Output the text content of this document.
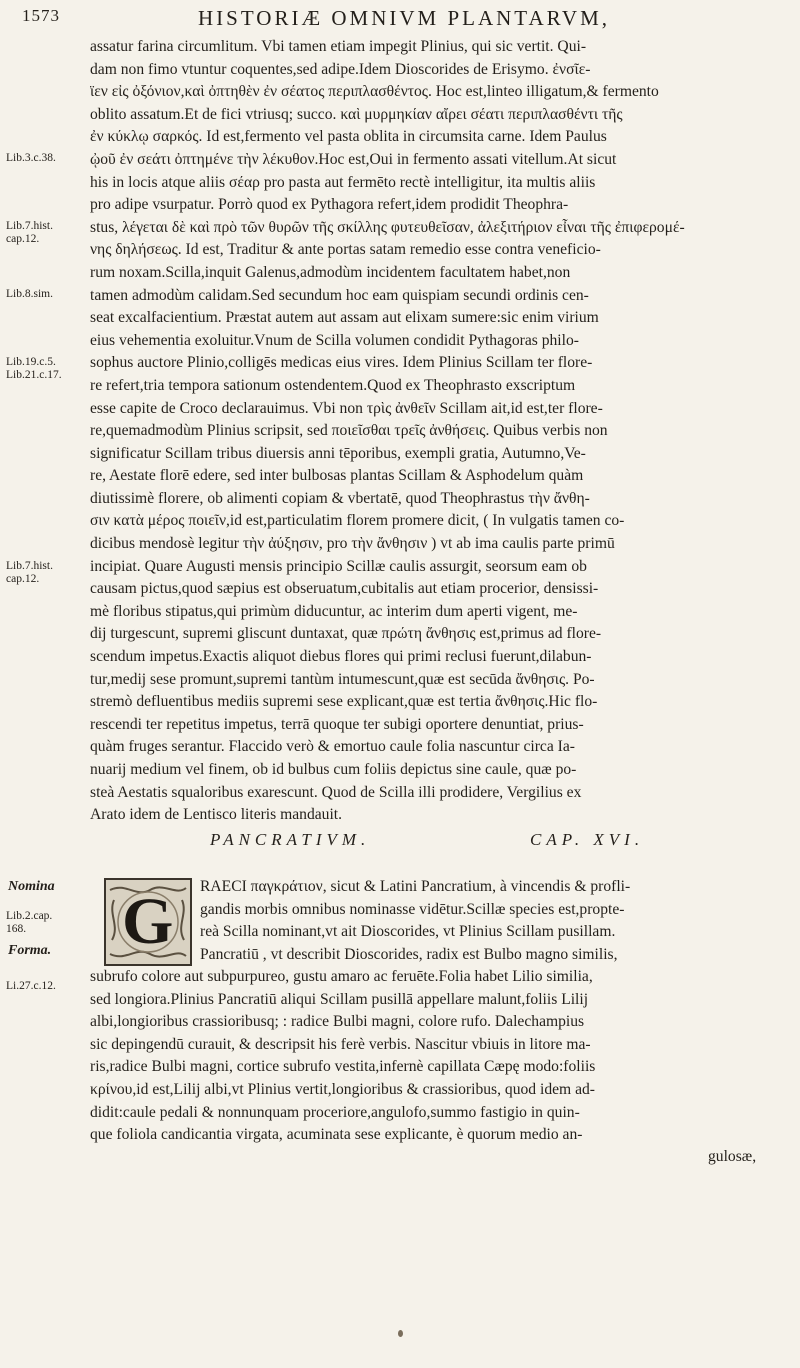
1573	HISTORIÆ OMNIVM PLANTARVM,
Lib.3.c.38.
Lib.7.hist.
cap.12.
Lib.8.sim.
Lib.19.c.5.
Lib.21.c.17.
Lib.7.hist.
cap.12.
Nomina
Lib.2.cap.
168.
Forma.
Li.27.c.12.
assatur farina circumlitum. Vbi tamen etiam impegit Plinius, qui sic vertit. Qui-
dam non fimo vtuntur coquentes,sed adipe.Idem Dioscorides de Erisymo. ἐνσῖε-
ϊεν εἰς ὀξόνιον,καὶ ὀπτηθὲν ἐν σέατος περιπλασθέντος. Hoc est,linteo illigatum,& fermento
oblito assatum.Et de fici vtriusq; succo. καὶ μυρμηκίαν αἴρει σέατι περιπλασθέντι τῆς
ἐν κύκλῳ σαρκός. Id est,fermento vel pasta oblita in circumsita carne. Idem Paulus
ᾠοῦ ἐν σεάτι ὀπτημένε τὴν λέκυθον.Hoc est,Oui in fermento assati vitellum.At sicut
his in locis atque aliis σέαρ pro pasta aut fermēto rectè intelligitur, ita multis aliis
pro adipe vsurpatur. Porrò quod ex Pythagora refert,idem prodidit Theophra-
stus, λέγεται δὲ καὶ πρὸ τῶν θυρῶν τῆς σκίλλης φυτευθεῖσαν, ἀλεξιτήριον εἶναι τῆς ἐπιφερομέ-
νης δηλήσεως. Id est, Traditur & ante portas satam remedio esse contra veneficio-
rum noxam.Scilla,inquit Galenus,admodùm incidentem facultatem habet,non
tamen admodùm calidam.Sed secundum hoc eam quispiam secundi ordinis cen-
seat excalfacientium. Præstat autem aut assam aut elixam sumere:sic enim virium
eius vehementia exoluitur.Vnum de Scilla volumen condidit Pythagoras philo-
sophus auctore Plinio,colligēs medicas eius vires. Idem Plinius Scillam ter flore-
re refert,tria tempora sationum ostendentem.Quod ex Theophrasto exscriptum
esse capite de Croco declarauimus. Vbi non τρὶς ἀνθεῖν Scillam ait,id est,ter flore-
re,quemadmodùm Plinius scripsit, sed ποιεῖσθαι τρεῖς ἀνθήσεις. Quibus verbis non
significatur Scillam tribus diuersis anni tēporibus, exempli gratia, Autumno,Ve-
re, Aestate florē edere, sed inter bulbosas plantas Scillam & Asphodelum quàm
diutissimè florere, ob alimenti copiam & vbertatē, quod Theophrastus τὴν ἄνθη-
σιν κατὰ μέρος ποιεῖν,id est,particulatim florem promere dicit, ( In vulgatis tamen co-
dicibus mendosè legitur τὴν ἀύξησιν, pro τὴν ἄνθησιν ) vt ab ima caulis parte primū
incipiat. Quare Augusti mensis principio Scillæ caulis assurgit, seorsum eam ob
causam pictus,quod sæpius est obseruatum,cubitalis aut etiam procerior, densissi-
mè floribus stipatus,qui primùm diducuntur, ac interim dum aperti vigent, me-
dij turgescunt, supremi gliscunt duntaxat, quæ πρώτη ἄνθησις est,primus ad flore-
scendum impetus.Exactis aliquot diebus flores qui primi reclusi fuerunt,dilabun-
tur,medij sese promunt,supremi tantùm intumescunt,quæ est secūda ἄνθησις. Po-
stremò defluentibus mediis supremi sese explicant,quæ est tertia ἄνθησις.Hic flo-
rescendi ter repetitus impetus, terrā quoque ter subigi oportere denuntiat, prius-
quàm fruges serantur. Flaccido verò & emortuo caule folia nascuntur circa Ia-
nuarij medium vel finem, ob id bulbus cum foliis depictus sine caule, quæ po-
steà Aestatis squaloribus exarescunt. Quod de Scilla illi prodidere, Vergilius ex
Arato idem de Lentisco literis mandauit.
PANCRATIVM.	CAP. XVI.
G RAECI παγκράτιον, sicut & Latini Pancratium, à vincendis & profli-
gandis morbis omnibus nominasse vidētur.Scillæ species est,propte-
reà Scilla nominant,vt ait Dioscorides, vt Plinius Scillam pusillam.
Pancratiū , vt describit Dioscorides, radix est Bulbo magno similis,
subrufo colore aut subpurpureo, gustu amaro ac feruēte.Folia habet Lilio similia,
sed longiora.Plinius Pancratiū aliqui Scillam pusillā appellare malunt,foliis Lilij
albi,longioribus crassioribusq; : radice Bulbi magni, colore rufo. Dalechampius
sic depingendū curauit, & descripsit his ferè verbis. Nascitur vbiuis in litore ma-
ris,radice Bulbi magni, cortice subrufo vestita,infernè capillata Cæpę modo:foliis
κρίνου,id est,Lilij albi,vt Plinius vertit,longioribus & crassioribus, quod idem ad-
didit:caule pedali & nonnunquam proceriore,angulofo,summo fastigio in quin-
que foliola candicantia virgata, acuminata sese explicante, è quorum medio an-
gulosæ,
